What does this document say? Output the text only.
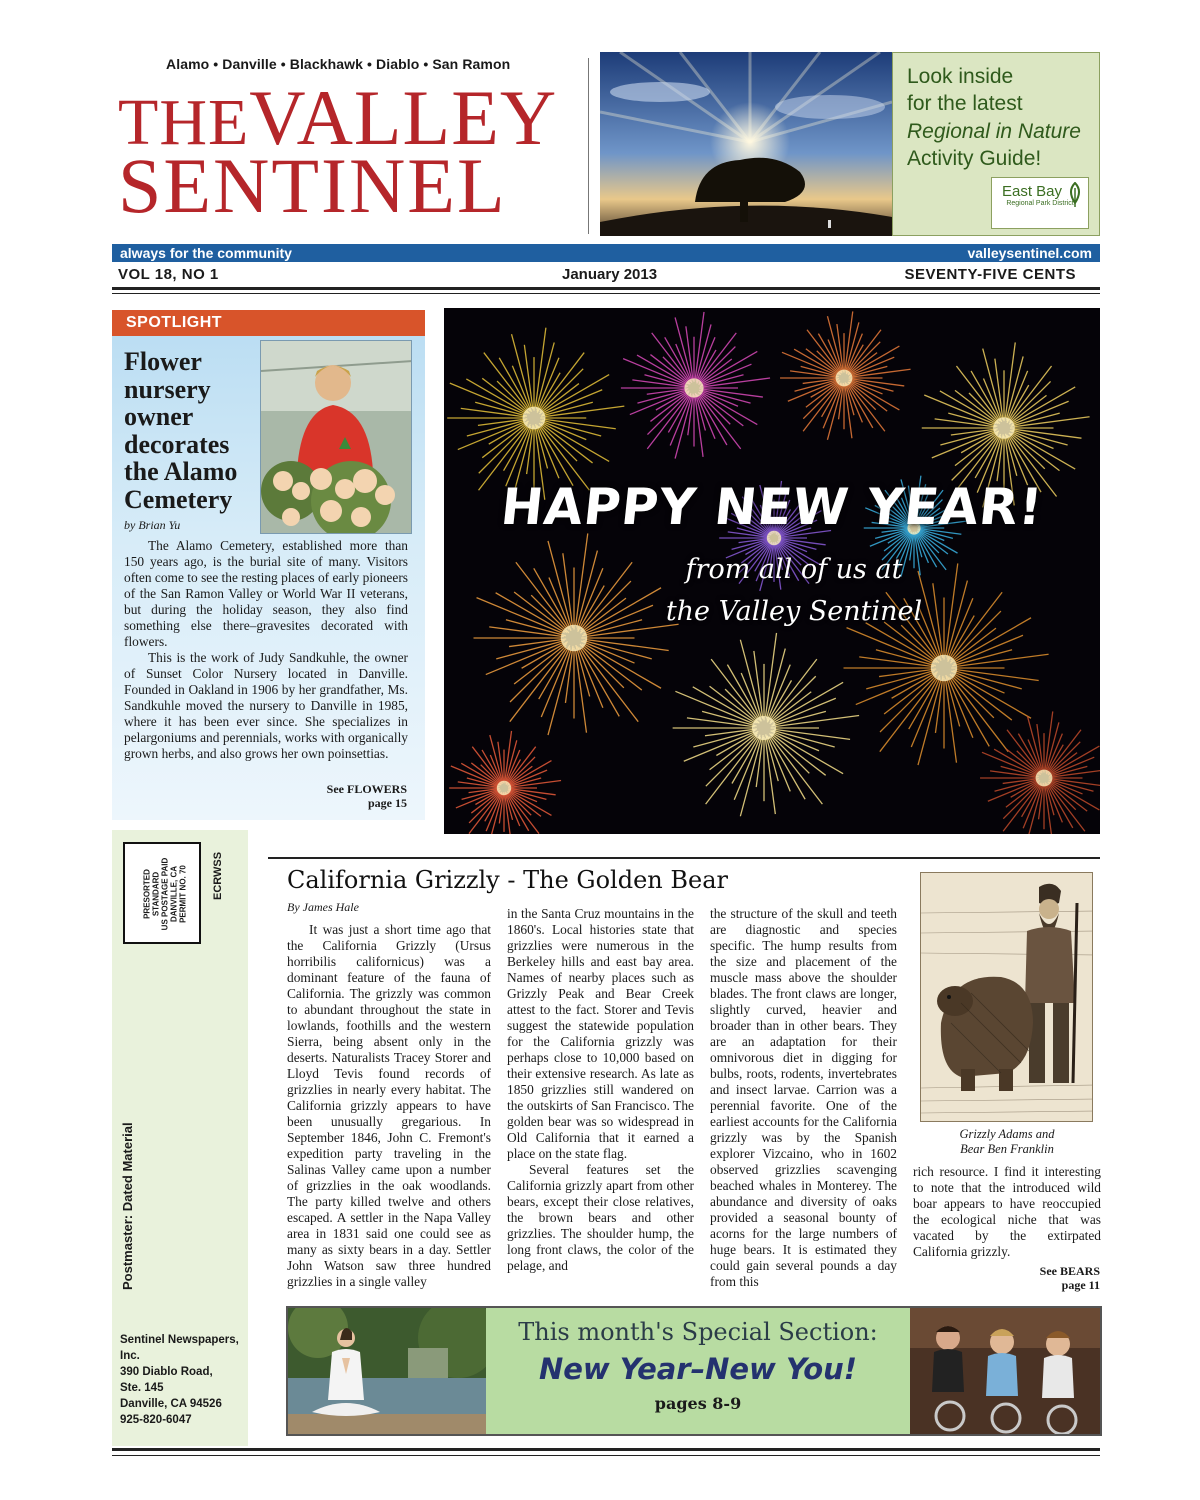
Alamo • Danville • Blackhawk • Diablo • San Ramon
THEVALLEY
SENTINEL

Look inside

for the latest

Regional in Nature

Activity Guide!

East Bay
Regional Park District
always for the community	valleysentinel.com
VOL 18, NO 1	January 2013	SEVENTY-FIVE CENTS
SPOTLIGHT
Flower nursery owner decorates the Alamo Cemetery
by Brian Yu

The Alamo Cemetery, established more than 150 years ago, is the burial site of many. Visitors often come to see the resting places of early pioneers of the San Ramon Valley or World War II veterans, but during the holiday season, they also find something else there–gravesites decorated with flowers.

This is the work of Judy Sandkuhle, the owner of Sunset Color Nursery located in Danville. Founded in Oakland in 1906 by her grandfather, Ms. Sandkuhle moved the nursery to Danville in 1985, where it has been ever since. She specializes in pelargoniums and perennials, works with organically grown herbs, and also grows her own poinsettias.

See FLOWERS
page 15
HAPPY NEW YEAR!
from all of us at
the Valley Sentinel
PRESORTED STANDARD US POSTAGE PAID DANVILLE, CA PERMIT NO. 70 ECRWSS
Postmaster: Dated Material
Sentinel Newspapers, Inc.
390 Diablo Road,
Ste. 145
Danville, CA 94526
925-820-6047
California Grizzly - The Golden Bear
By James Hale

It was just a short time ago that the California Grizzly (Ursus horribilis californicus) was a dominant feature of the fauna of California. The grizzly was common to abundant throughout the state in lowlands, foothills and the western Sierra, being absent only in the deserts. Naturalists Tracey Storer and Lloyd Tevis found records of grizzlies in nearly every habitat. The California grizzly appears to have been unusually gregarious. In September 1846, John C. Fremont's expedition party traveling in the Salinas Valley came upon a number of grizzlies in the oak woodlands. The party killed twelve and others escaped. A settler in the Napa Valley area in 1831 said one could see as many as sixty bears in a day. Settler John Watson saw three hundred grizzlies in a single valley

in the Santa Cruz mountains in the 1860's. Local histories state that grizzlies were numerous in the Berkeley hills and east bay area. Names of nearby places such as Grizzly Peak and Bear Creek attest to the fact. Storer and Tevis suggest the statewide population for the California grizzly was perhaps close to 10,000 based on their extensive research. As late as 1850 grizzlies still wandered on the outskirts of San Francisco. The golden bear was so widespread in Old California that it earned a place on the state flag.

Several features set the California grizzly apart from other bears, except their close relatives, the brown bears and other grizzlies. The shoulder hump, the long front claws, the color of the pelage, and

the structure of the skull and teeth are diagnostic and species specific. The hump results from the size and placement of the muscle mass above the shoulder blades. The front claws are longer, slightly curved, heavier and broader than in other bears. They are an adaptation for their omnivorous diet in digging for bulbs, roots, rodents, invertebrates and insect larvae. Carrion was a perennial favorite. One of the earliest accounts for the California grizzly was by the Spanish explorer Vizcaino, who in 1602 observed grizzlies scavenging beached whales in Monterey. The abundance and diversity of oaks provided a seasonal bounty of acorns for the large numbers of huge bears. It is estimated they could gain several pounds a day from this

Grizzly Adams and
Bear Ben Franklin

rich resource. I find it interesting to note that the introduced wild boar appears to have reoccupied the ecological niche that was vacated by the extirpated California grizzly.

See BEARS
page 11
This month's Special Section:
New Year–New You!
pages 8-9
